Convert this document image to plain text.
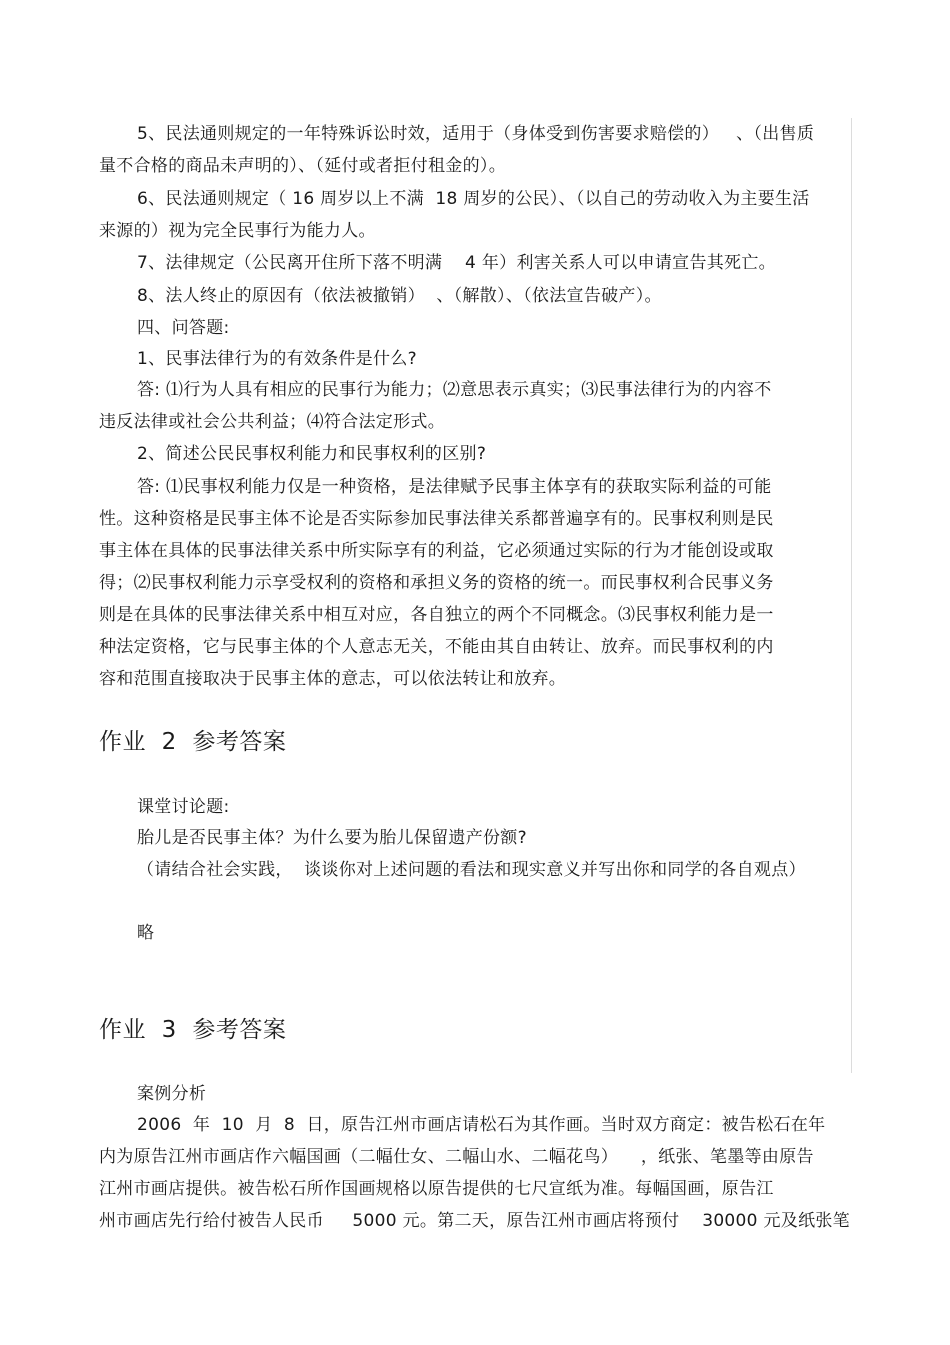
5、民法通则规定的一年特殊诉讼时效，适用于（身体受到伤害要求赔偿的）   、（出售质
量不合格的商品未声明的）、（延付或者拒付租金的）。
6、民法通则规定（ 16 周岁以上不满  18 周岁的公民）、（以自己的劳动收入为主要生活
来源的）视为完全民事行为能力人。
7、法律规定（公民离开住所下落不明满    4 年）利害关系人可以申请宣告其死亡。
8、法人终止的原因有（依法被撤销）  、（解散）、（依法宣告破产）。
四、问答题:
1、民事法律行为的有效条件是什么?
答: ⑴行为人具有相应的民事行为能力；⑵意思表示真实；⑶民事法律行为的内容不
违反法律或社会公共利益；⑷符合法定形式。
2、简述公民民事权利能力和民事权利的区别?
答: ⑴民事权利能力仅是一种资格，是法律赋予民事主体享有的获取实际利益的可能
性。这种资格是民事主体不论是否实际参加民事法律关系都普遍享有的。民事权利则是民
事主体在具体的民事法律关系中所实际享有的利益，它必须通过实际的行为才能创设或取
得；⑵民事权利能力示享受权利的资格和承担义务的资格的统一。而民事权利合民事义务
则是在具体的民事法律关系中相互对应，各自独立的两个不同概念。⑶民事权利能力是一
种法定资格，它与民事主体的个人意志无关，不能由其自由转让、放弃。而民事权利的内
容和范围直接取决于民事主体的意志，可以依法转让和放弃。
作业  2  参考答案
课堂讨论题:
胎儿是否民事主体？为什么要为胎儿保留遗产份额?
（请结合社会实践，  谈谈你对上述问题的看法和现实意义并写出你和同学的各自观点）
略
作业  3  参考答案
案例分析
2006  年  10  月  8  日，原告江州市画店请松石为其作画。当时双方商定：被告松石在年
内为原告江州市画店作六幅国画（二幅仕女、二幅山水、二幅花鸟）    ，纸张、笔墨等由原告
江州市画店提供。被告松石所作国画规格以原告提供的七尺宣纸为准。每幅国画，原告江
州市画店先行给付被告人民币     5000 元。第二天，原告江州市画店将预付    30000 元及纸张笔
